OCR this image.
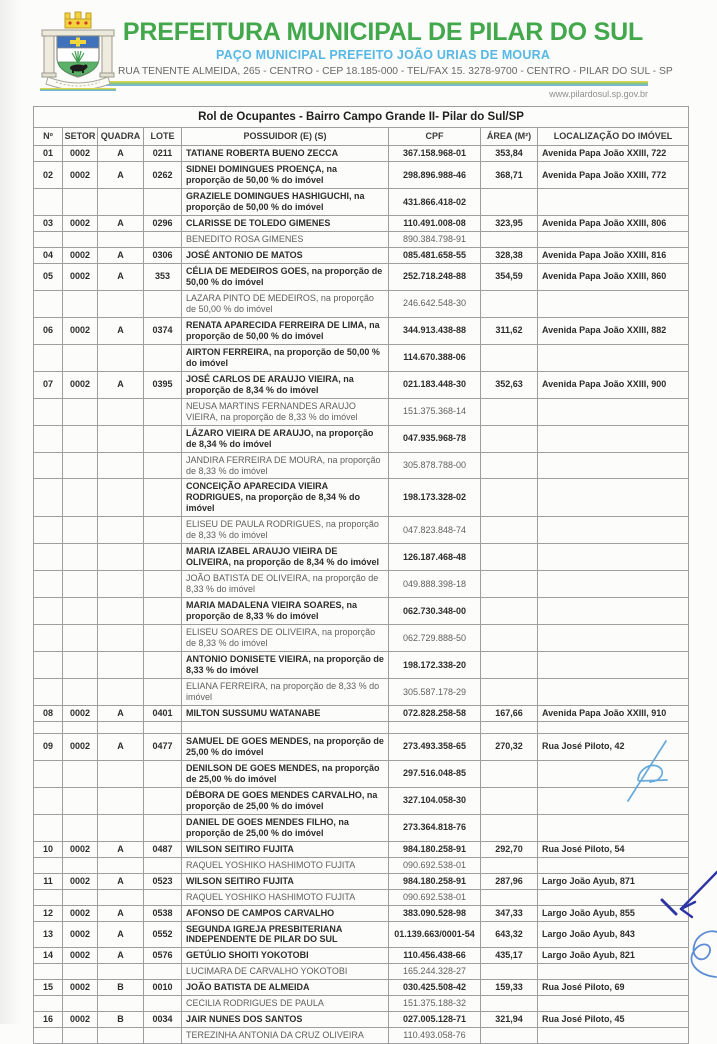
PREFEITURA MUNICIPAL DE PILAR DO SUL
PAÇO MUNICIPAL PREFEITO JOÃO URIAS DE MOURA
RUA TENENTE ALMEIDA, 265 - CENTRO - CEP 18.185-000 - TEL/FAX 15. 3278-9700 - CENTRO - PILAR DO SUL - SP
www.pilardosul.sp.gov.br
Rol de Ocupantes - Bairro Campo Grande II- Pilar do Sul/SP							
Nº	SETOR	QUADRA	LOTE	POSSUIDOR (E) (S)	CPF	ÁREA (M²)	LOCALIZAÇÃO DO IMÓVEL
01	0002	A	0211	TATIANE ROBERTA BUENO ZECCA	367.158.968-01	353,84	Avenida Papa João XXIII, 722
02	0002	A	0262	SIDNEI DOMINGUES PROENÇA, na proporção de 50,00 % do imóvel	298.896.988-46	368,71	Avenida Papa João XXIII, 772
				GRAZIELE DOMINGUES HASHIGUCHI, na proporção de 50,00 % do imóvel	431.866.418-02		
03	0002	A	0296	CLARISSE DE TOLEDO GIMENES	110.491.008-08	323,95	Avenida Papa João XXIII, 806
				BENEDITO ROSA GIMENES	890.384.798-91		
04	0002	A	0306	JOSÉ ANTONIO DE MATOS	085.481.658-55	328,38	Avenida Papa João XXIII, 816
05	0002	A	353	CÉLIA DE MEDEIROS GOES, na proporção de 50,00 % do imóvel	252.718.248-88	354,59	Avenida Papa João XXIII, 860
				LAZARA PINTO DE MEDEIROS, na proporção de 50,00 % do imóvel	246.642.548-30		
06	0002	A	0374	RENATA APARECIDA FERREIRA DE LIMA, na proporção de 50,00 % do imóvel	344.913.438-88	311,62	Avenida Papa João XXIII, 882
				AIRTON FERREIRA, na proporção de 50,00 % do imóvel	114.670.388-06		
07	0002	A	0395	JOSÉ CARLOS DE ARAUJO VIEIRA, na proporção de 8,34 % do imóvel	021.183.448-30	352,63	Avenida Papa João XXIII, 900
				NEUSA MARTINS FERNANDES ARAUJO VIEIRA, na proporção de 8,33 % do imóvel	151.375.368-14		
				LÁZARO VIEIRA DE ARAUJO, na proporção de 8,34 % do imóvel	047.935.968-78		
				JANDIRA FERREIRA DE MOURA, na proporção de 8,33 % do imóvel	305.878.788-00		
				CONCEIÇÃO APARECIDA VIEIRA RODRIGUES, na proporção de 8,34 % do imóvel	198.173.328-02		
				ELISEU DE PAULA RODRIGUES, na proporção de 8,33 % do imóvel	047.823.848-74		
				MARIA IZABEL ARAUJO VIEIRA DE OLIVEIRA, na proporção de 8,34 % do imóvel	126.187.468-48		
				JOÃO BATISTA DE OLIVEIRA, na proporção de 8,33 % do imóvel	049.888.398-18		
				MARIA MADALENA VIEIRA SOARES, na proporção de 8,33 % do imóvel	062.730.348-00		
				ELISEU SOARES DE OLIVEIRA, na proporção de 8,33 % do imóvel	062.729.888-50		
				ANTONIO DONISETE VIEIRA, na proporção de 8,33 % do imóvel	198.172.338-20		
				ELIANA FERREIRA, na proporção de 8,33 % do imóvel	305.587.178-29		
08	0002	A	0401	MILTON SUSSUMU WATANABE	072.828.258-58	167,66	Avenida Papa João XXIII, 910

09	0002	A	0477	SAMUEL DE GOES MENDES, na proporção de 25,00 % do imóvel	273.493.358-65	270,32	Rua José Piloto, 42
				DENILSON DE GOES MENDES, na proporção de 25,00 % do imóvel	297.516.048-85		
				DÉBORA DE GOES MENDES CARVALHO, na proporção de 25,00 % do imóvel	327.104.058-30		
				DANIEL DE GOES MENDES FILHO, na proporção de 25,00 % do imóvel	273.364.818-76		
10	0002	A	0487	WILSON SEITIRO FUJITA	984.180.258-91	292,70	Rua José Piloto, 54
				RAQUEL YOSHIKO HASHIMOTO FUJITA	090.692.538-01		
11	0002	A	0523	WILSON SEITIRO FUJITA	984.180.258-91	287,96	Largo João Ayub, 871
				RAQUEL YOSHIKO HASHIMOTO FUJITA	090.692.538-01		
12	0002	A	0538	AFONSO DE CAMPOS CARVALHO	383.090.528-98	347,33	Largo João Ayub, 855
13	0002	A	0552	SEGUNDA IGREJA PRESBITERIANA INDEPENDENTE DE PILAR DO SUL	01.139.663/0001-54	643,32	Largo João Ayub, 843
14	0002	A	0576	GETÚLIO SHOITI YOKOTOBI	110.456.438-66	435,17	Largo João Ayub, 821
				LUCIMARA DE CARVALHO YOKOTOBI	165.244.328-27		
15	0002	B	0010	JOÃO BATISTA DE ALMEIDA	030.425.508-42	159,33	Rua José Piloto, 69
				CECILIA RODRIGUES DE PAULA	151.375.188-32		
16	0002	B	0034	JAIR NUNES DOS SANTOS	027.005.128-71	321,94	Rua José Piloto, 45
				TEREZINHA ANTONIA DA CRUZ OLIVEIRA	110.493.058-76		
